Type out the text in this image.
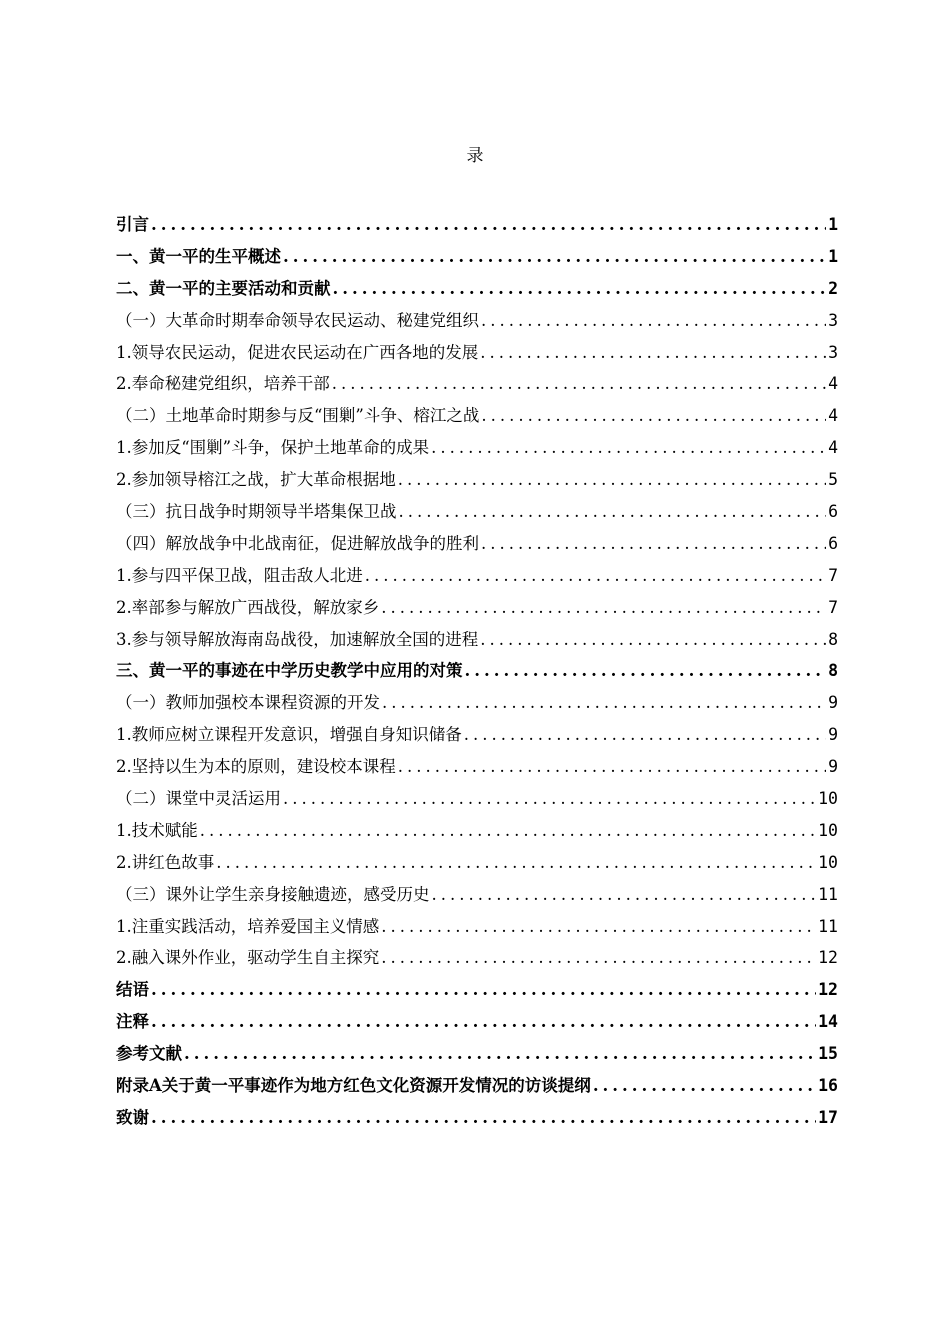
录
引言 .....	1
一、黄一平的生平概述 .....	1
二、黄一平的主要活动和贡献 .....	2
（一）大革命时期奉命领导农民运动、秘建党组织 .....	3
1.领导农民运动，促进农民运动在广西各地的发展 .....	3
2.奉命秘建党组织，培养干部 .....	4
（二）土地革命时期参与反“围剿”斗争、榕江之战 .....	4
1.参加反“围剿”斗争，保护土地革命的成果 .....	4
2.参加领导榕江之战，扩大革命根据地 .....	5
（三）抗日战争时期领导半塔集保卫战 .....	6
（四）解放战争中北战南征，促进解放战争的胜利 .....	6
1.参与四平保卫战，阻击敌人北进 .....	7
2.率部参与解放广西战役，解放家乡 .....	7
3.参与领导解放海南岛战役，加速解放全国的进程 .....	8
三、黄一平的事迹在中学历史教学中应用的对策 .....	8
（一）教师加强校本课程资源的开发 .....	9
1.教师应树立课程开发意识，增强自身知识储备 .....	9
2.坚持以生为本的原则，建设校本课程 .....	9
（二）课堂中灵活运用 .....	10
1.技术赋能 .....	10
2.讲红色故事 .....	10
（三）课外让学生亲身接触遗迹，感受历史 .....	11
1.注重实践活动，培养爱国主义情感 .....	11
2.融入课外作业，驱动学生自主探究 .....	12
结语 .....	12
注释 .....	14
参考文献 .....	15
附录A关于黄一平事迹作为地方红色文化资源开发情况的访谈提纲 .....	16
致谢 .....	17
